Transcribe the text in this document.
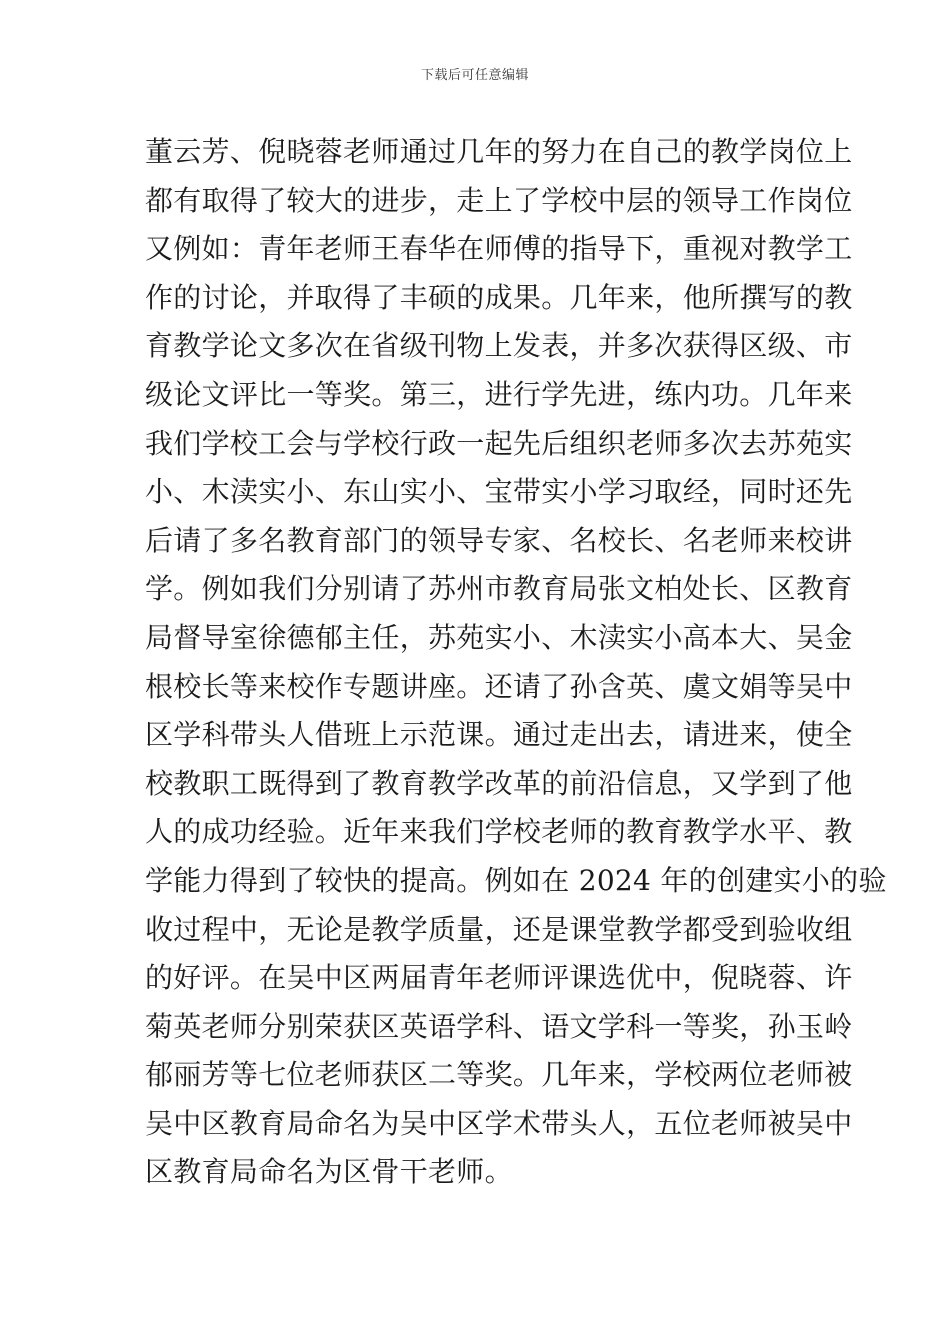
下载后可任意编辑
董云芳、倪晓蓉老师通过几年的努力在自己的教学岗位上
都有取得了较大的进步，走上了学校中层的领导工作岗位
又例如：青年老师王春华在师傅的指导下，重视对教学工
作的讨论，并取得了丰硕的成果。几年来，他所撰写的教
育教学论文多次在省级刊物上发表，并多次获得区级、市
级论文评比一等奖。第三，进行学先进，练内功。几年来
我们学校工会与学校行政一起先后组织老师多次去苏苑实
小、木渎实小、东山实小、宝带实小学习取经，同时还先
后请了多名教育部门的领导专家、名校长、名老师来校讲
学。例如我们分别请了苏州市教育局张文柏处长、区教育
局督导室徐德郁主任，苏苑实小、木渎实小高本大、吴金
根校长等来校作专题讲座。还请了孙含英、虞文娟等吴中
区学科带头人借班上示范课。通过走出去，请进来，使全
校教职工既得到了教育教学改革的前沿信息，又学到了他
人的成功经验。近年来我们学校老师的教育教学水平、教
学能力得到了较快的提高。例如在 2024 年的创建实小的验
收过程中，无论是教学质量，还是课堂教学都受到验收组
的好评。在吴中区两届青年老师评课选优中，倪晓蓉、许
菊英老师分别荣获区英语学科、语文学科一等奖，孙玉岭
郁丽芳等七位老师获区二等奖。几年来，学校两位老师被
吴中区教育局命名为吴中区学术带头人，五位老师被吴中
区教育局命名为区骨干老师。
